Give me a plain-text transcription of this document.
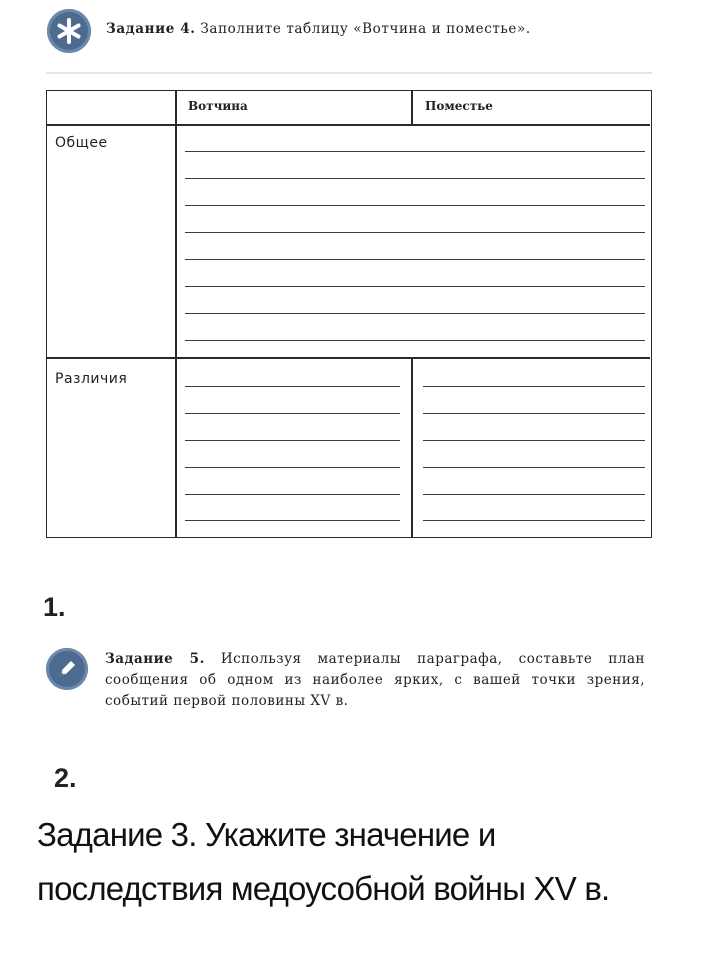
Задание 4. Заполните таблицу «Вотчина и поместье».
Вотчина	Поместье
Общее
Различия
1.
Задание 5. Используя материалы параграфа, составьте план сообщения об одном из наиболее ярких, с вашей точки зрения, событий первой половины XV в.
2.
Задание 3. Укажите значение и последствия медоусобной войны XV в.
